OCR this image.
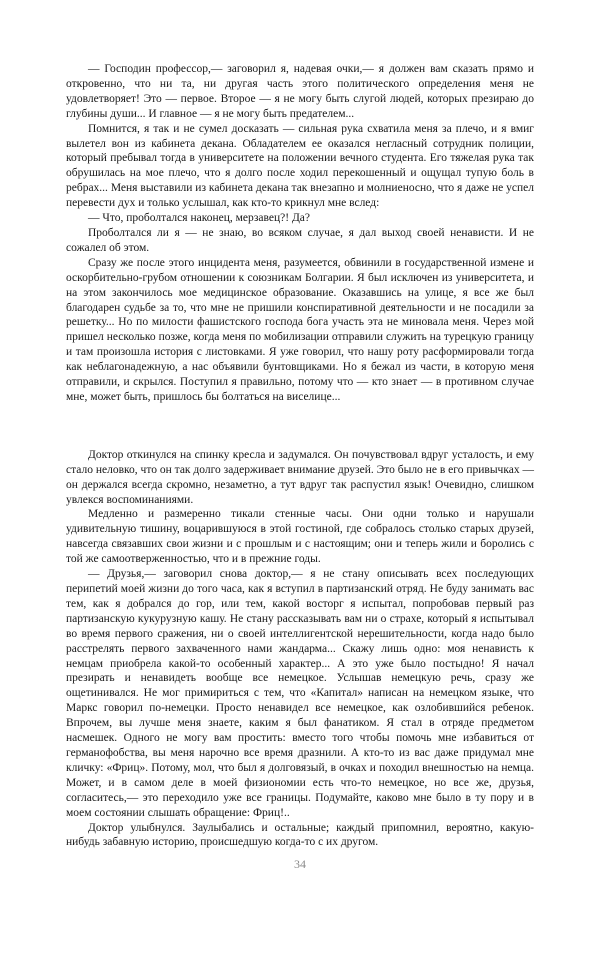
— Господин профессор,— заговорил я, надевая очки,— я должен вам сказать прямо и откровенно, что ни та, ни другая часть этого политического определения меня не удовлетворяет! Это — первое. Второе — я не могу быть слугой людей, которых презираю до глубины души... И главное — я не могу быть предателем...

Помнится, я так и не сумел досказать — сильная рука схватила меня за плечо, и я вмиг вылетел вон из кабинета декана. Обладателем ее оказался негласный сотрудник полиции, который пребывал тогда в университете на положении вечного студента. Его тяжелая рука так обрушилась на мое плечо, что я долго после ходил перекошенный и ощущал тупую боль в ребрах... Меня выставили из кабинета декана так внезапно и молниеносно, что я даже не успел перевести дух и только услышал, как кто-то крикнул мне вслед:

— Что, проболтался наконец, мерзавец?! Да?

Проболтался ли я — не знаю, во всяком случае, я дал выход своей ненависти. И не сожалел об этом.

Сразу же после этого инцидента меня, разумеется, обвинили в государственной измене и оскорбительно-грубом отношении к союзникам Болгарии. Я был исключен из университета, и на этом закончилось мое медицинское образование. Оказавшись на улице, я все же был благодарен судьбе за то, что мне не пришили конспиративной деятельности и не посадили за решетку... Но по милости фашистского господа бога участь эта не миновала меня. Через мой пришел несколько позже, когда меня по мобилизации отправили служить на турецкую границу и там произошла история с листовками. Я уже говорил, что нашу роту расформировали тогда как неблагонадежную, а нас объявили бунтовщиками. Но я бежал из части, в которую меня отправили, и скрылся. Поступил я правильно, потому что — кто знает — в противном случае мне, может быть, пришлось бы болтаться на виселице...

Доктор откинулся на спинку кресла и задумался. Он почувствовал вдруг усталость, и ему стало неловко, что он так долго задерживает внимание друзей. Это было не в его привычках — он держался всегда скромно, незаметно, а тут вдруг так распустил язык! Очевидно, слишком увлекся воспоминаниями.

Медленно и размеренно тикали стенные часы. Они одни только и нарушали удивительную тишину, воцарившуюся в этой гостиной, где собралось столько старых друзей, навсегда связавших свои жизни и с прошлым и с настоящим; они и теперь жили и боролись с той же самоотверженностью, что и в прежние годы.

— Друзья,— заговорил снова доктор,— я не стану описывать всех последующих перипетий моей жизни до того часа, как я вступил в партизанский отряд. Не буду занимать вас тем, как я добрался до гор, или тем, какой восторг я испытал, попробовав первый раз партизанскую кукурузную кашу. Не стану рассказывать вам ни о страхе, который я испытывал во время первого сражения, ни о своей интеллигентской нерешительности, когда надо было расстрелять первого захваченного нами жандарма... Скажу лишь одно: моя ненависть к немцам приобрела какой-то особенный характер... А это уже было постыдно! Я начал презирать и ненавидеть вообще все немецкое. Услышав немецкую речь, сразу же ощетинивался. Не мог примириться с тем, что «Капитал» написан на немецком языке, что Маркс говорил по-немецки. Просто ненавидел все немецкое, как озлобившийся ребенок. Впрочем, вы лучше меня знаете, каким я был фанатиком. Я стал в отряде предметом насмешек. Одного не могу вам простить: вместо того чтобы помочь мне избавиться от германофобства, вы меня нарочно все время дразнили. А кто-то из вас даже придумал мне кличку: «Фриц». Потому, мол, что был я долговязый, в очках и походил внешностью на немца. Может, и в самом деле в моей физиономии есть что-то немецкое, но все же, друзья, согласитесь,— это переходило уже все границы. Подумайте, каково мне было в ту пору и в моем состоянии слышать обращение: Фриц!..

Доктор улыбнулся. Заулыбались и остальные; каждый припомнил, вероятно, какую-нибудь забавную историю, происшедшую когда-то с их другом.

34
